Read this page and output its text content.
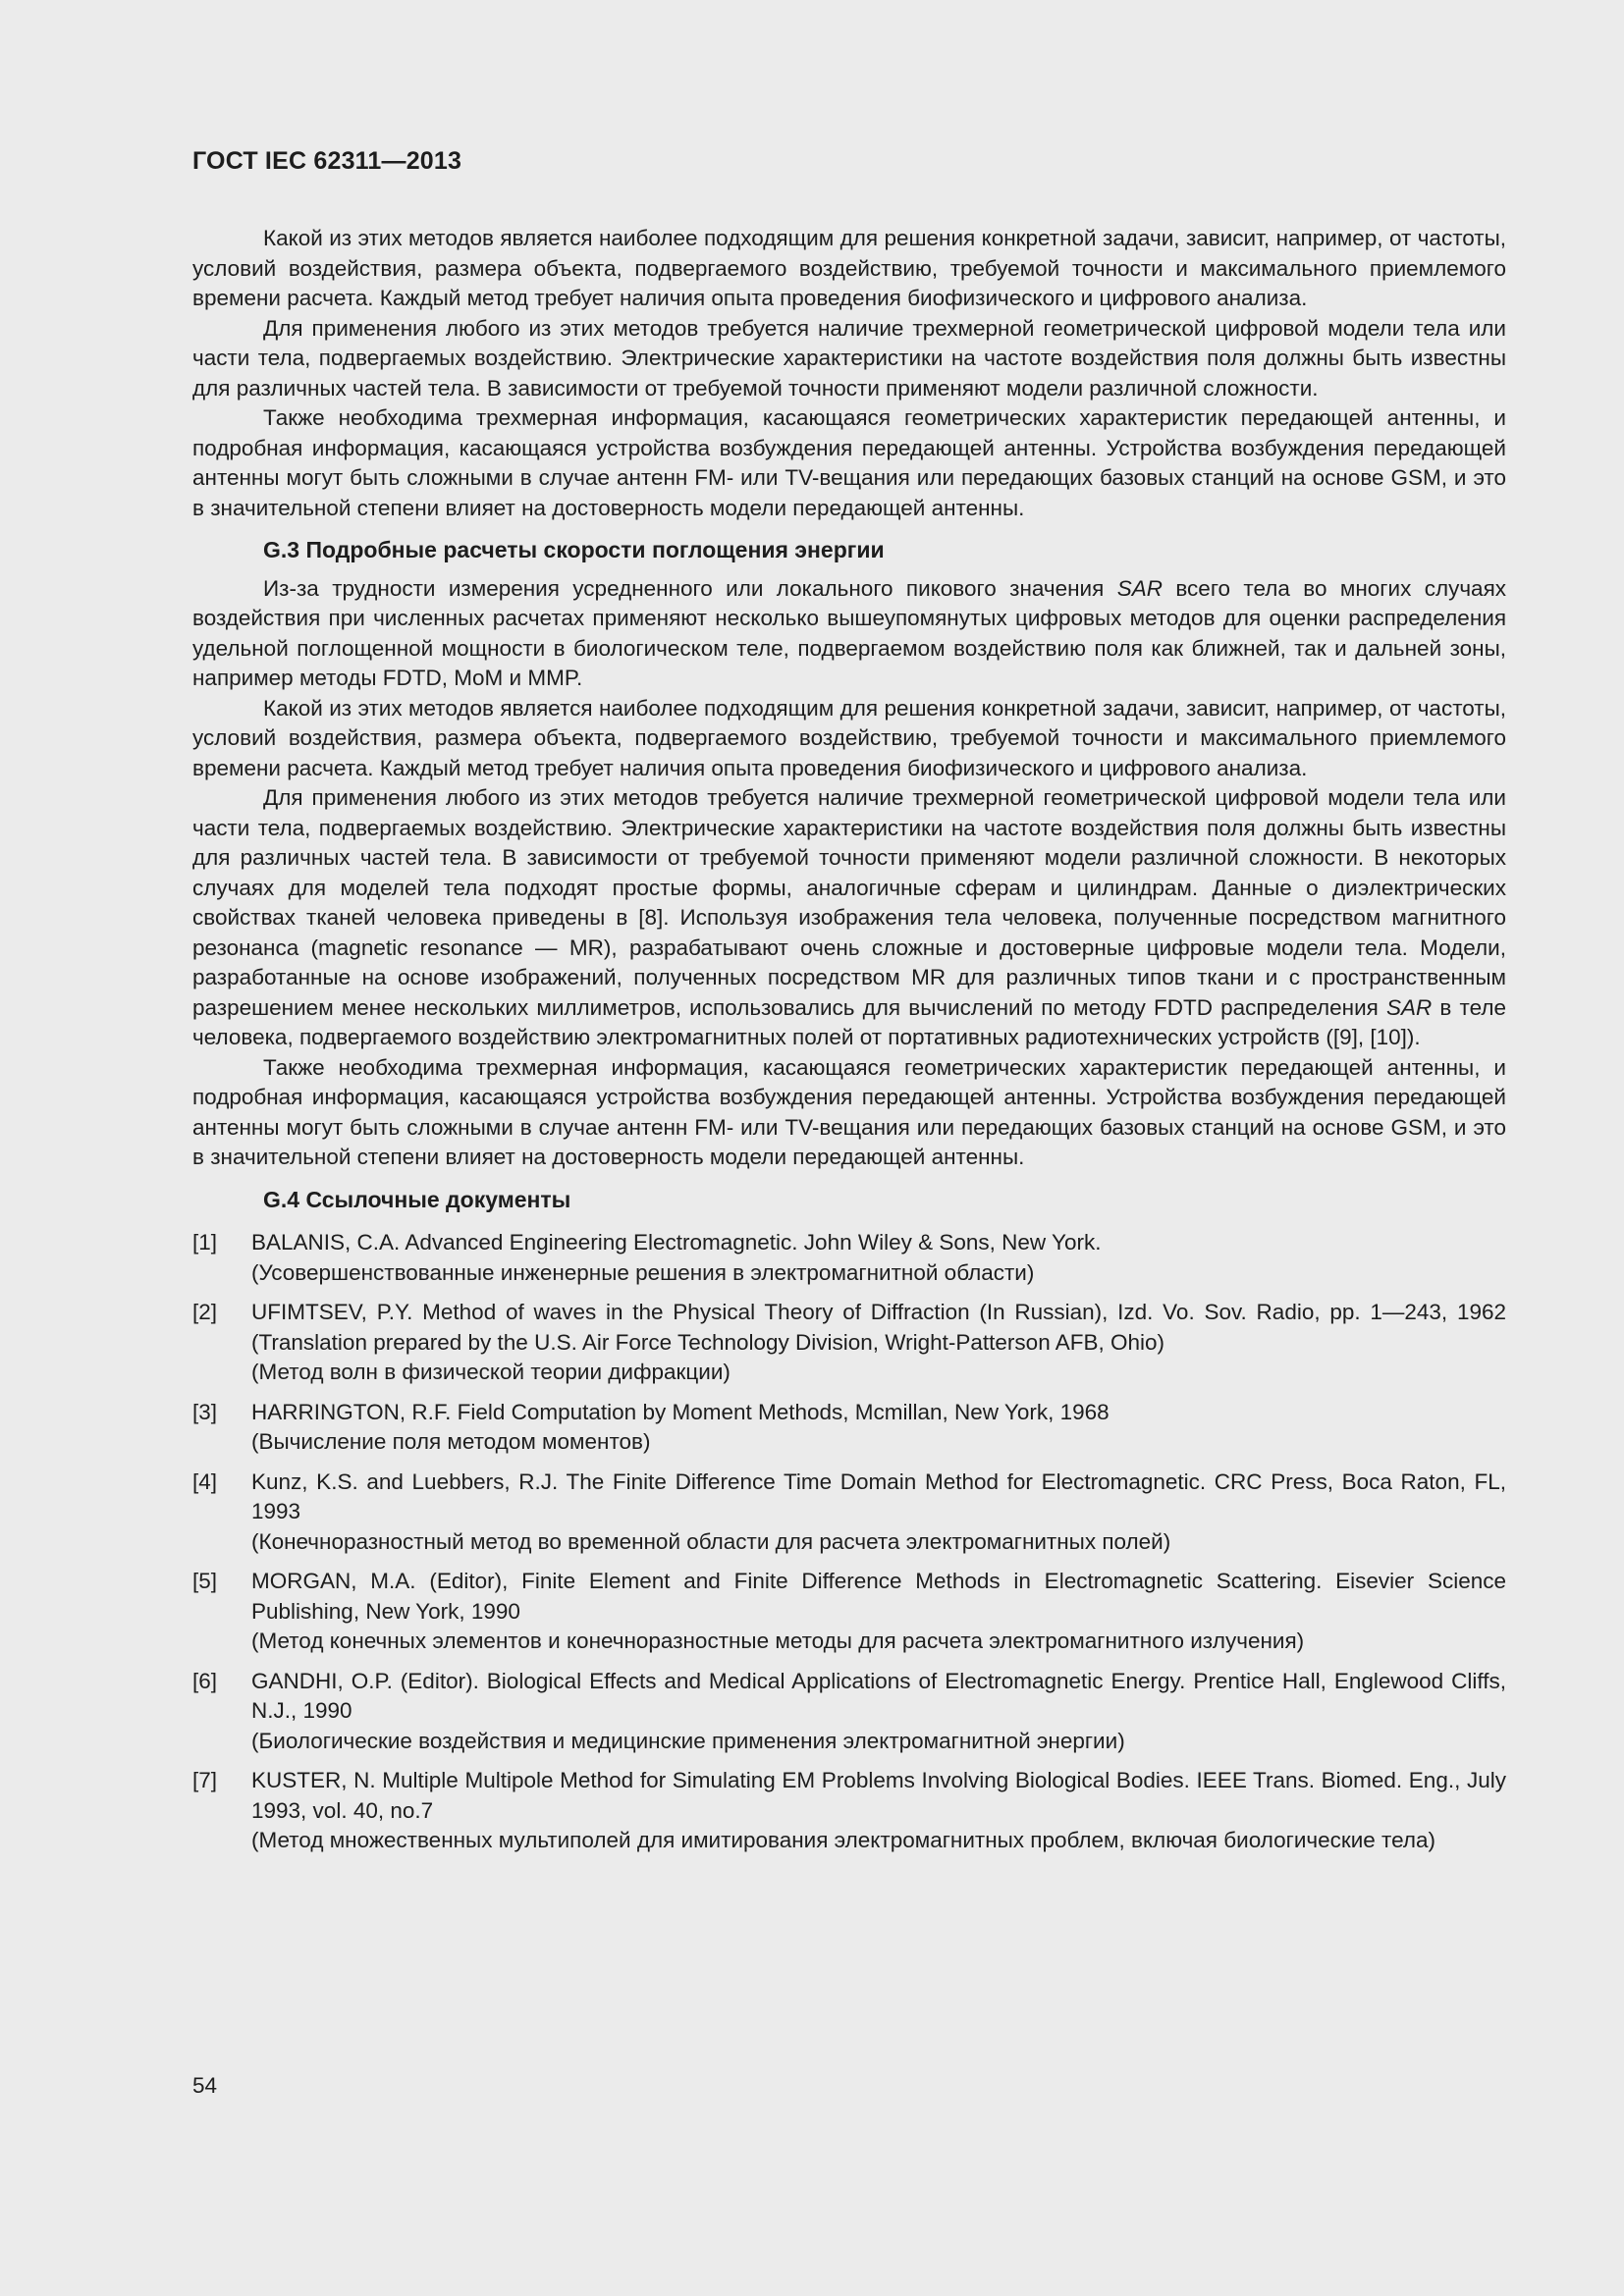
ГОСТ IEC 62311—2013

Какой из этих методов является наиболее подходящим для решения конкретной задачи, зависит, например, от частоты, условий воздействия, размера объекта, подвергаемого воздействию, требуемой точности и максимального приемлемого времени расчета. Каждый метод требует наличия опыта проведения биофизического и цифрового анализа.

Для применения любого из этих методов требуется наличие трехмерной геометрической цифровой модели тела или части тела, подвергаемых воздействию. Электрические характеристики на частоте воздействия поля должны быть известны для различных частей тела. В зависимости от требуемой точности применяют модели различной сложности.

Также необходима трехмерная информация, касающаяся геометрических характеристик передающей антенны, и подробная информация, касающаяся устройства возбуждения передающей антенны. Устройства возбуждения передающей антенны могут быть сложными в случае антенн FM- или TV-вещания или передающих базовых станций на основе GSM, и это в значительной степени влияет на достоверность модели передающей антенны.

G.3 Подробные расчеты скорости поглощения энергии

Из-за трудности измерения усредненного или локального пикового значения SAR всего тела во многих случаях воздействия при численных расчетах применяют несколько вышеупомянутых цифровых методов для оценки распределения удельной поглощенной мощности в биологическом теле, подвергаемом воздействию поля как ближней, так и дальней зоны, например методы FDTD, MoM и MMP.

Какой из этих методов является наиболее подходящим для решения конкретной задачи, зависит, например, от частоты, условий воздействия, размера объекта, подвергаемого воздействию, требуемой точности и максимального приемлемого времени расчета. Каждый метод требует наличия опыта проведения биофизического и цифрового анализа.

Для применения любого из этих методов требуется наличие трехмерной геометрической цифровой модели тела или части тела, подвергаемых воздействию. Электрические характеристики на частоте воздействия поля должны быть известны для различных частей тела. В зависимости от требуемой точности применяют модели различной сложности. В некоторых случаях для моделей тела подходят простые формы, аналогичные сферам и цилиндрам. Данные о диэлектрических свойствах тканей человека приведены в [8]. Используя изображения тела человека, полученные посредством магнитного резонанса (magnetic resonance — MR), разрабатывают очень сложные и достоверные цифровые модели тела. Модели, разработанные на основе изображений, полученных посредством MR для различных типов ткани и с пространственным разрешением менее нескольких миллиметров, использовались для вычислений по методу FDTD распределения SAR в теле человека, подвергаемого воздействию электромагнитных полей от портативных радиотехнических устройств ([9], [10]).

Также необходима трехмерная информация, касающаяся геометрических характеристик передающей антенны, и подробная информация, касающаяся устройства возбуждения передающей антенны. Устройства возбуждения передающей антенны могут быть сложными в случае антенн FM- или TV-вещания или передающих базовых станций на основе GSM, и это в значительной степени влияет на достоверность модели передающей антенны.

G.4 Ссылочные документы
[1]	BALANIS, C.A. Advanced Engineering Electromagnetic. John Wiley & Sons, New York.
(Усовершенствованные инженерные решения в электромагнитной области)
[2]	UFIMTSEV, P.Y. Method of waves in the Physical Theory of Diffraction (In Russian), Izd. Vo. Sov. Radio, pp. 1—243, 1962 (Translation prepared by the U.S. Air Force Technology Division, Wright-Patterson AFB, Ohio)
(Метод волн в физической теории дифракции)
[3]	HARRINGTON, R.F. Field Computation by Moment Methods, Mcmillan, New York, 1968
(Вычисление поля методом моментов)
[4]	Kunz, K.S. and Luebbers, R.J. The Finite Difference Time Domain Method for Electromagnetic. CRC Press, Boca Raton, FL, 1993
(Конечноразностный метод во временной области для расчета электромагнитных полей)
[5]	MORGAN, M.A. (Editor), Finite Element and Finite Difference Methods in Electromagnetic Scattering. Eisevier Science Publishing, New York, 1990
(Метод конечных элементов и конечноразностные методы для расчета электромагнитного излучения)
[6]	GANDHI, O.P. (Editor). Biological Effects and Medical Applications of Electromagnetic Energy. Prentice Hall, Englewood Cliffs, N.J., 1990
(Биологические воздействия и медицинские применения электромагнитной энергии)
[7]	KUSTER, N. Multiple Multipole Method for Simulating EM Problems Involving Biological Bodies. IEEE Trans. Biomed. Eng., July 1993, vol. 40, no.7
(Метод множественных мультиполей для имитирования электромагнитных проблем, включая биологические тела)

54
